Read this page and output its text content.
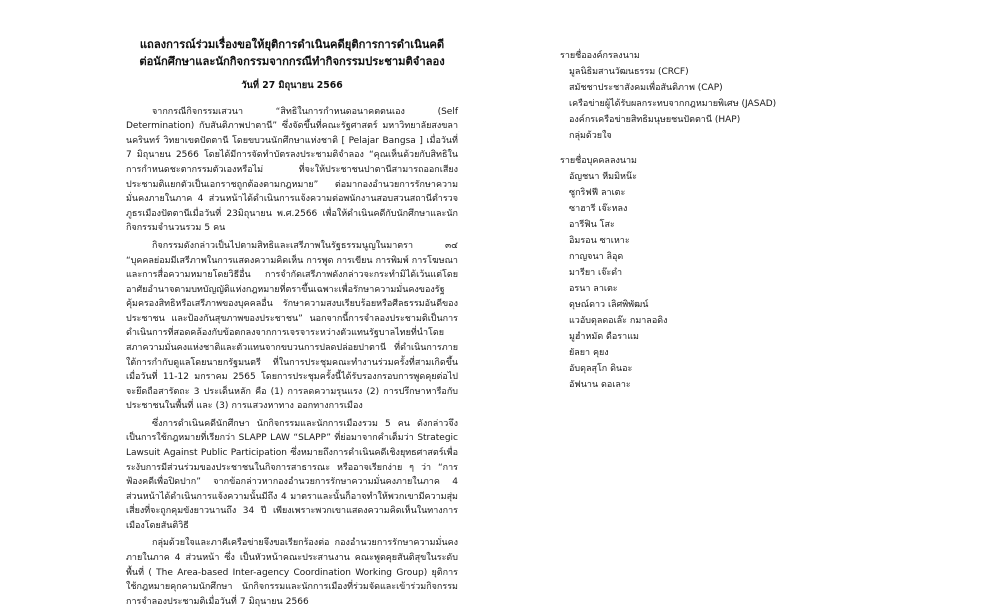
แถลงการณ์ร่วมเรื่องขอให้ยุติการดำเนินคดียุติการการดำเนินคดี
ต่อนักศึกษาและนักกิจกรรมจากกรณีทำกิจกรรมประชามติจำลอง
วันที่ 27 มิถุนายน 2566

จากกรณีกิจกรรมเสวนา “สิทธิในการกำหนดอนาคตตนเอง (Self Determination) กับสันติภาพปาตานี” ซึ่งจัดขึ้นที่คณะรัฐศาสตร์ มหาวิทยาลัยสงขลานครินทร์ วิทยาเขตปัตตานี โดยขบวนนักศึกษาแห่งชาติ [ Pelajar Bangsa ] เมื่อวันที่ 7 มิถุนายน 2566 โดยได้มีการจัดทำบัตรลงประชามติจำลอง “คุณเห็นด้วยกับสิทธิในการกำหนดชะตากรรมตัวเองหรือไม่ ที่จะให้ประชาชนปาตานีสามารถออกเสียงประชามติแยกตัวเป็นเอกราชถูกต้องตามกฎหมาย” ต่อมากองอำนวยการรักษาความมั่นคงภายในภาค 4 ส่วนหน้าได้ดำเนินการแจ้งความต่อพนักงานสอบสวนสถานีตำรวจภูธรเมืองปัตตานีเมื่อวันที่ 23มิถุนายน พ.ศ.2566 เพื่อให้ดำเนินคดีกับนักศึกษาและนักกิจกรรมจำนวนรวม 5 คน

กิจกรรมดังกล่าวเป็นไปตามสิทธิและเสรีภาพในรัฐธรรมนูญในมาตรา ๓๔ “บุคคลย่อมมีเสรีภาพในการแสดงความคิดเห็น การพูด การเขียน การพิมพ์ การโฆษณา และการสื่อความหมายโดยวิธีอื่น การจำกัดเสรีภาพดังกล่าวจะกระทำมิได้เว้นแต่โดยอาศัยอำนาจตามบทบัญญัติแห่งกฎหมายที่ตราขึ้นเฉพาะเพื่อรักษาความมั่นคงของรัฐ คุ้มครองสิทธิหรือเสรีภาพของบุคคลอื่น รักษาความสงบเรียบร้อยหรือศีลธรรมอันดีของประชาชน และป้องกันสุขภาพของประชาชน” นอกจากนี้การจำลองประชามติเป็นการดำเนินการที่สอดคล้องกับข้อตกลงจากการเจรจาระหว่างตัวแทนรัฐบาลไทยที่นำโดยสภาความมั่นคงแห่งชาติและตัวแทนจากขบวนการปลดปล่อยปาตานี ที่ดำเนินการภายใต้การกำกับดูแลโดยนายกรัฐมนตรี ที่ในการประชุมคณะทำงานร่วมครั้งที่สามเกิดขึ้นเมื่อวันที่ 11-12 มกราคม 2565 โดยการประชุมครั้งนี้ได้รับรองกรอบการพูดคุยต่อไปจะยึดถือสารัตถะ 3 ประเด็นหลัก คือ (1) การลดความรุนแรง (2) การปรึกษาหารือกับประชาชนในพื้นที่ และ (3) การแสวงหาทาง ออกทางการเมือง

ซึ่งการดำเนินคดีนักศึกษา นักกิจกรรมและนักการเมืองรวม 5 คน ดังกล่าวจึงเป็นการใช้กฎหมายที่เรียกว่า SLAPP LAW “SLAPP” ที่ย่อมาจากคำเต็มว่า Strategic Lawsuit Against Public Participation ซึ่งหมายถึงการดำเนินคดีเชิงยุทธศาสตร์เพื่อระงับการมีส่วนร่วมของประชาชนในกิจการสาธารณะ หรืออาจเรียกง่าย ๆ ว่า “การฟ้องคดีเพื่อปิดปาก” จากข้อกล่าวหากองอำนวยการรักษาความมั่นคงภายในภาค 4 ส่วนหน้าได้ดำเนินการแจ้งความนั้นมีถึง 4 มาตราและนั้นก็อาจทำให้พวกเขามีความสุ่มเสี่ยงที่จะถูกคุมขังยาวนานถึง 34 ปี เพียงเพราะพวกเขาแสดงความคิดเห็นในทางการเมืองโดยสันติวิธี

กลุ่มด้วยใจและภาคีเครือข่ายจึงขอเรียกร้องต่อ กองอำนวยการรักษาความมั่นคงภายในภาค 4 ส่วนหน้า ซึ่ง เป็นหัวหน้าคณะประสานงาน คณะพูดคุยสันติสุขในระดับพื้นที่ ( The Area-based Inter-agency Coordination Working Group) ยุติการใช้กฎหมายคุกคามนักศึกษา นักกิจกรรมและนักการเมืองที่ร่วมจัดและเข้าร่วมกิจกรรมการจำลองประชามติเมื่อวันที่ 7 มิถุนายน 2566

รายชื่อองค์กรลงนาม
มูลนิธิมสานวัฒนธรรม (CRCF)
สมัชชาประชาสังคมเพื่อสันติภาพ (CAP)
เครือข่ายผู้ได้รับผลกระทบจากกฎหมายพิเศษ (JASAD)
องค์กรเครือข่ายสิทธิมนุษยชนปัตตานี (HAP)
กลุ่มด้วยใจ
รายชื่อบุคคลลงนาม
อัญชนา หีมมิหน๊ะ
ซูกริฟฟี ลาเตะ
ซาฮารี เจ๊ะหลง
อารีฟิน โสะ
อิมรอน ซาเหาะ
กาญจนา ลิอุด
มารียา เจ๊ะดำ
อรนา ลาเตะ
ดุษณ์ดาว เลิศพิพัฒน์
แวอับดุลดอเล๊ะ กมาลอดิง
มูฮำหมัด ดือราแม
ยัลยา คุยง
อับดุลสุโก ดินอะ
อัฟนาน ดอเลาะ
